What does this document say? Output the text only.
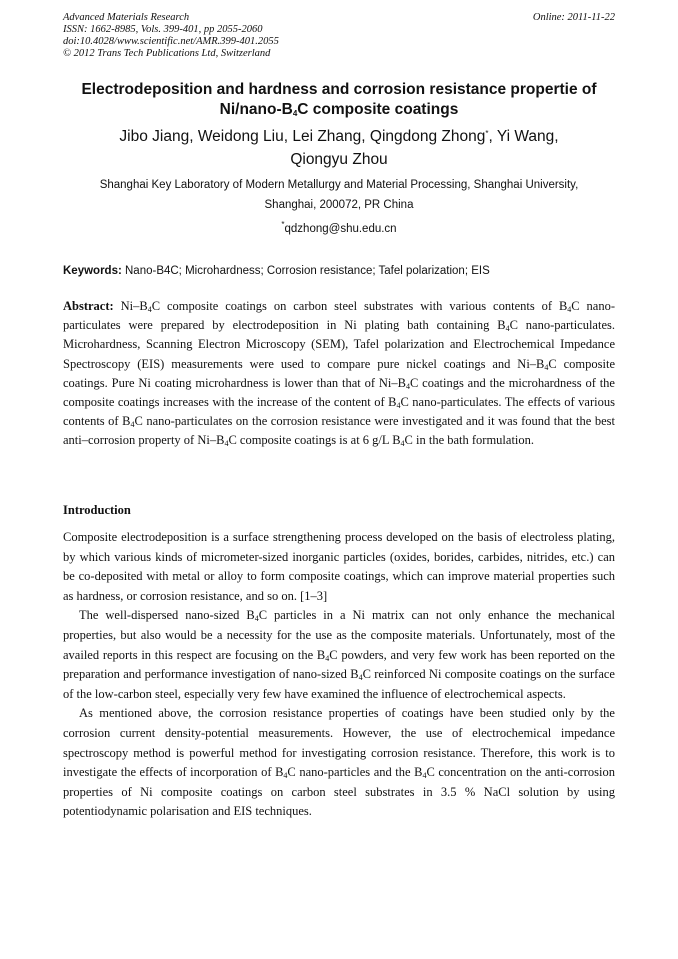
Advanced Materials Research
ISSN: 1662-8985, Vols. 399-401, pp 2055-2060
doi:10.4028/www.scientific.net/AMR.399-401.2055
© 2012 Trans Tech Publications Ltd, Switzerland
Online: 2011-11-22
Electrodeposition and hardness and corrosion resistance propertie of
$Ni/nano-B_4C$ composite coatings
Jibo Jiang, Weidong Liu, Lei Zhang, Qingdong Zhong*, Yi Wang,
Qiongyu Zhou
Shanghai Key Laboratory of Modern Metallurgy and Material Processing, Shanghai University,
Shanghai, 200072, PR China
*qdzhong@shu.edu.cn
Keywords: Nano-B4C; Microhardness; Corrosion resistance; Tafel polarization; EIS
Abstract: $Ni-B_4C$ composite coatings on carbon steel substrates with various contents of $B_4C$ nano-particulates were prepared by electrodeposition in Ni plating bath containing $B_4C$ nano-particulates. Microhardness, Scanning Electron Microscopy (SEM), Tafel polarization and Electrochemical Impedance Spectroscopy (EIS) measurements were used to compare pure nickel coatings and $Ni-B_4C$ composite coatings. Pure Ni coating microhardness is lower than that of $Ni-B_4C$ coatings and the microhardness of the composite coatings increases with the increase of the content of $B_4C$ nano-particulates. The effects of various contents of $B_4C$ nano-particulates on the corrosion resistance were investigated and it was found that the best anti–corrosion property of $Ni-B_4C$ composite coatings is at 6 g/L $B_4C$ in the bath formulation.
Introduction

Composite electrodeposition is a surface strengthening process developed on the basis of electroless plating, by which various kinds of micrometer-sized inorganic particles (oxides, borides, carbides, nitrides, etc.) can be co-deposited with metal or alloy to form composite coatings, which can improve material properties such as hardness, or corrosion resistance, and so on. [1–3]

The well-dispersed nano-sized $B_4C$ particles in a Ni matrix can not only enhance the mechanical properties, but also would be a necessity for the use as the composite materials. Unfortunately, most of the availed reports in this respect are focusing on the $B_4C$ powders, and very few work has been reported on the preparation and performance investigation of nano-sized $B_4C$ reinforced Ni composite coatings on the surface of the low-carbon steel, especially very few have examined the influence of electrochemical aspects.

As mentioned above, the corrosion resistance properties of coatings have been studied only by the corrosion current density-potential measurements. However, the use of electrochemical impedance spectroscopy method is powerful method for investigating corrosion resistance. Therefore, this work is to investigate the effects of incorporation of $B_4C$ nano-particles and the $B_4C$ concentration on the anti-corrosion properties of Ni composite coatings on carbon steel substrates in 3.5 % NaCl solution by using potentiodynamic polarisation and EIS techniques.
